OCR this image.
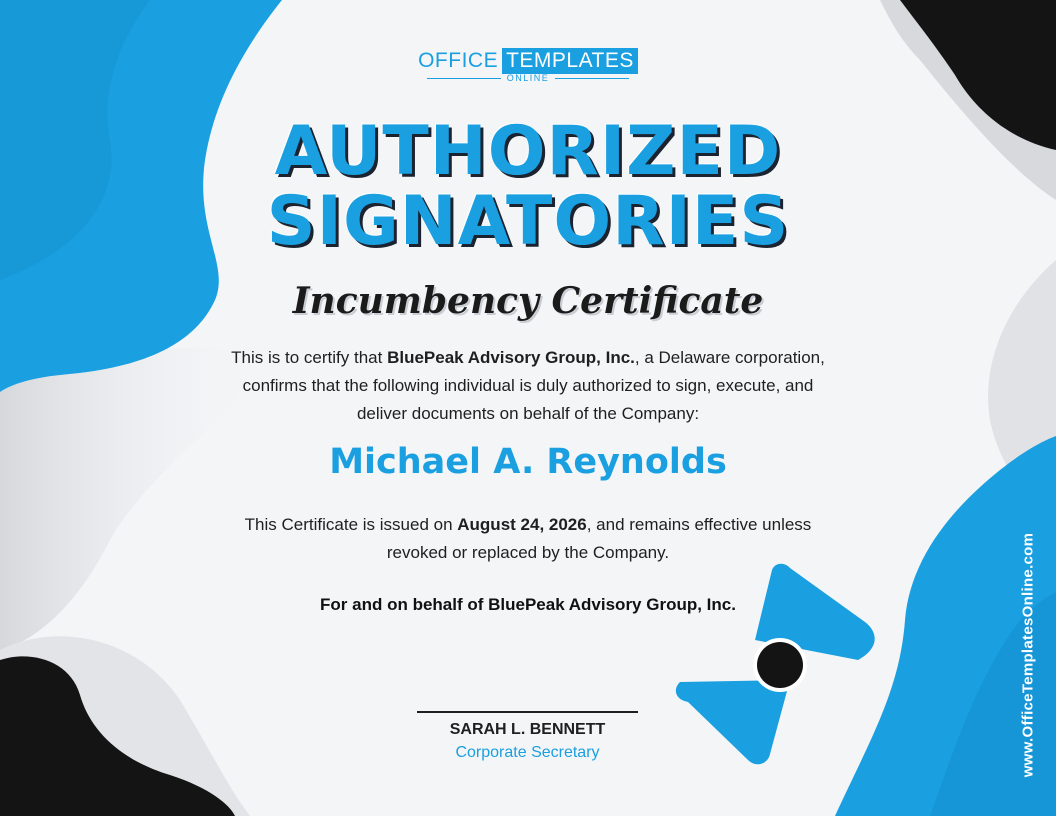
OFFICE TEMPLATES
ONLINE
AUTHORIZED
SIGNATORIES
Incumbency Certificate
This is to certify that BluePeak Advisory Group, Inc., a Delaware corporation,
confirms that the following individual is duly authorized to sign, execute, and
deliver documents on behalf of the Company:
Michael A. Reynolds
This Certificate is issued on August 24, 2026, and remains effective unless
revoked or replaced by the Company.
For and on behalf of BluePeak Advisory Group, Inc.
SARAH L. BENNETT
Corporate Secretary	www.OfficeTemplatesOnline.com
